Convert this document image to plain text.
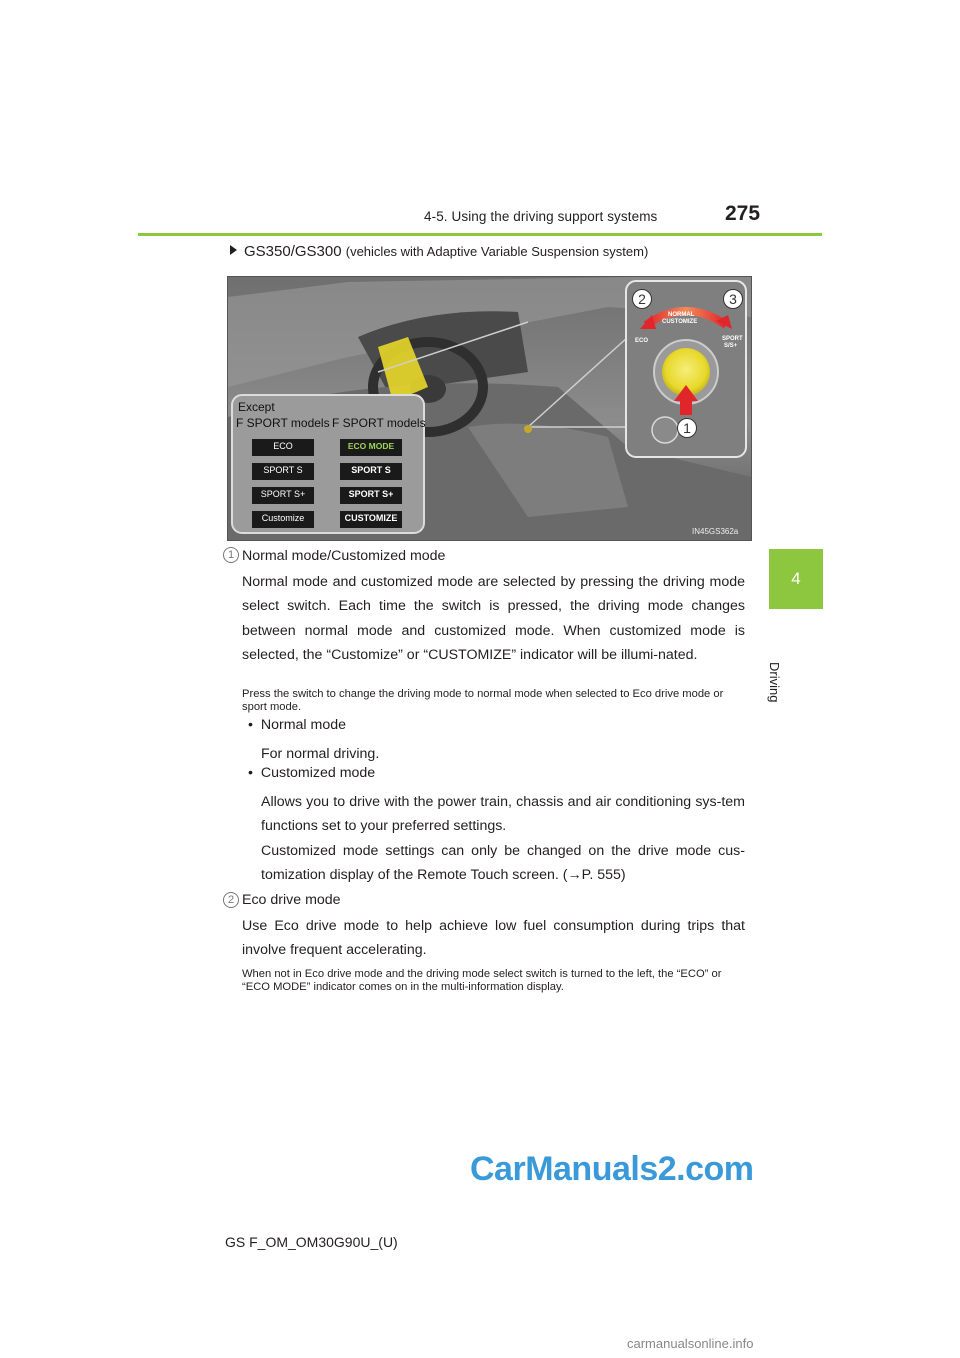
4-5. Using the driving support systems	275
4
Driving
GS350/GS300 (vehicles with Adaptive Variable Suspension system)
Except
F SPORT models F SPORT models
ECO
SPORT S
SPORT S+
Customize
ECO MODE
SPORT S
SPORT S+
CUSTOMIZE
NORMAL
CUSTOMIZE
ECO	SPORT
S/S+
2	3
1
IN45GS362a
1 Normal mode/Customized mode
Normal mode and customized mode are selected by pressing the driving mode select switch. Each time the switch is pressed, the driving mode changes between normal mode and customized mode. When customized mode is selected, the “Customize” or “CUSTOMIZE” indicator will be illumi-nated.
Press the switch to change the driving mode to normal mode when selected to Eco drive mode or sport mode.
•  Normal mode
For normal driving.
•  Customized mode
Allows you to drive with the power train, chassis and air conditioning sys-tem functions set to your preferred settings.
Customized mode settings can only be changed on the drive mode cus-tomization display of the Remote Touch screen. (→P. 555)
2 Eco drive mode
Use Eco drive mode to help achieve low fuel consumption during trips that involve frequent accelerating.
When not in Eco drive mode and the driving mode select switch is turned to the left, the “ECO” or “ECO MODE” indicator comes on in the multi-information display.
CarManuals2.com
GS F_OM_OM30G90U_(U)
carmanualsonline.info
